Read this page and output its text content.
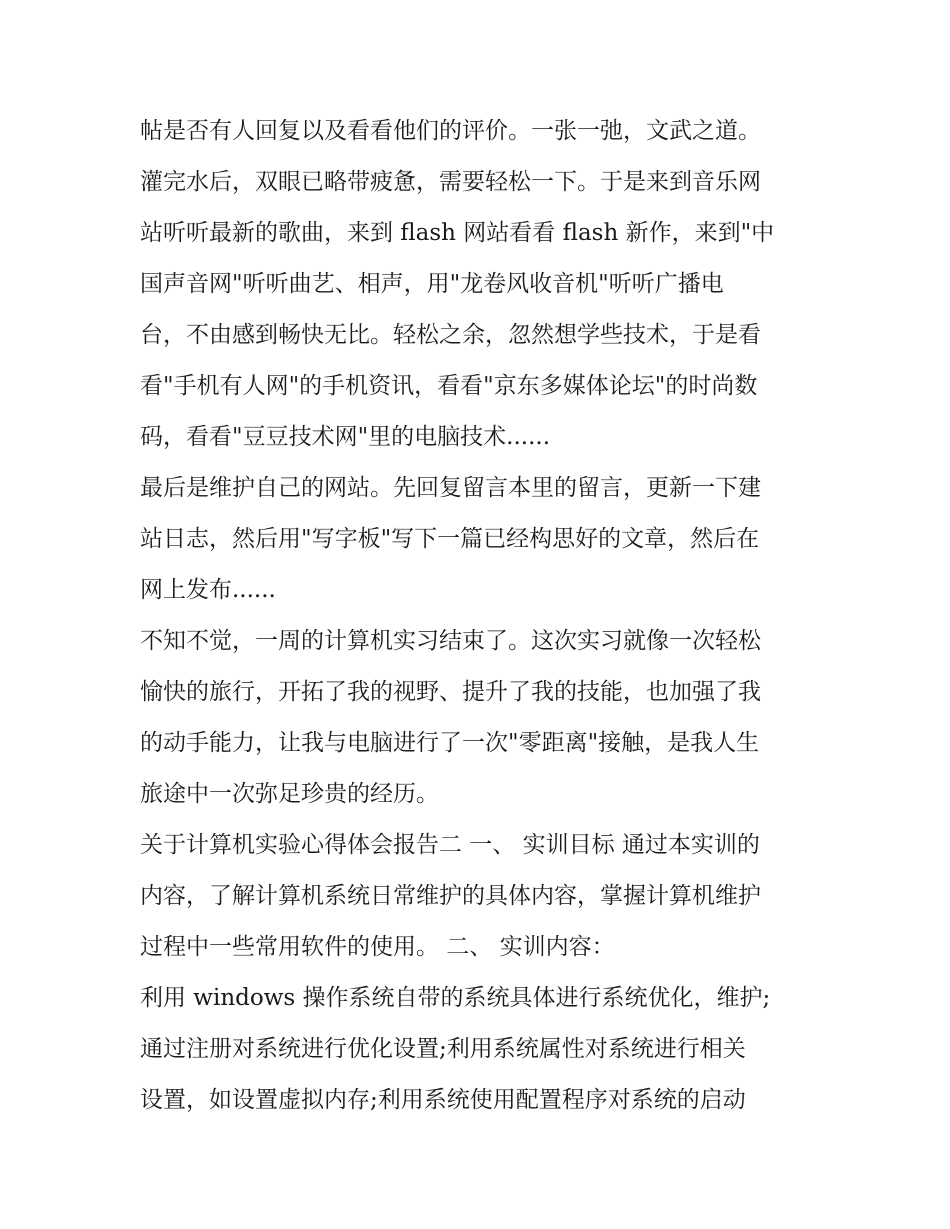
帖是否有人回复以及看看他们的评价。一张一弛，文武之道。
灌完水后，双眼已略带疲惫，需要轻松一下。于是来到音乐网
站听听最新的歌曲，来到 flash 网站看看 flash 新作，来到"中
国声音网"听听曲艺、相声，用"龙卷风收音机"听听广播电
台，不由感到畅快无比。轻松之余，忽然想学些技术，于是看
看"手机有人网"的手机资讯，看看"京东多媒体论坛"的时尚数
码，看看"豆豆技术网"里的电脑技术......
最后是维护自己的网站。先回复留言本里的留言，更新一下建
站日志，然后用"写字板"写下一篇已经构思好的文章，然后在
网上发布......
不知不觉，一周的计算机实习结束了。这次实习就像一次轻松
愉快的旅行，开拓了我的视野、提升了我的技能，也加强了我
的动手能力，让我与电脑进行了一次"零距离"接触，是我人生
旅途中一次弥足珍贵的经历。
关于计算机实验心得体会报告二 一、 实训目标 通过本实训的
内容，了解计算机系统日常维护的具体内容，掌握计算机维护
过程中一些常用软件的使用。 二、 实训内容：
利用 windows 操作系统自带的系统具体进行系统优化，维护;
通过注册对系统进行优化设置;利用系统属性对系统进行相关
设置，如设置虚拟内存;利用系统使用配置程序对系统的启动
